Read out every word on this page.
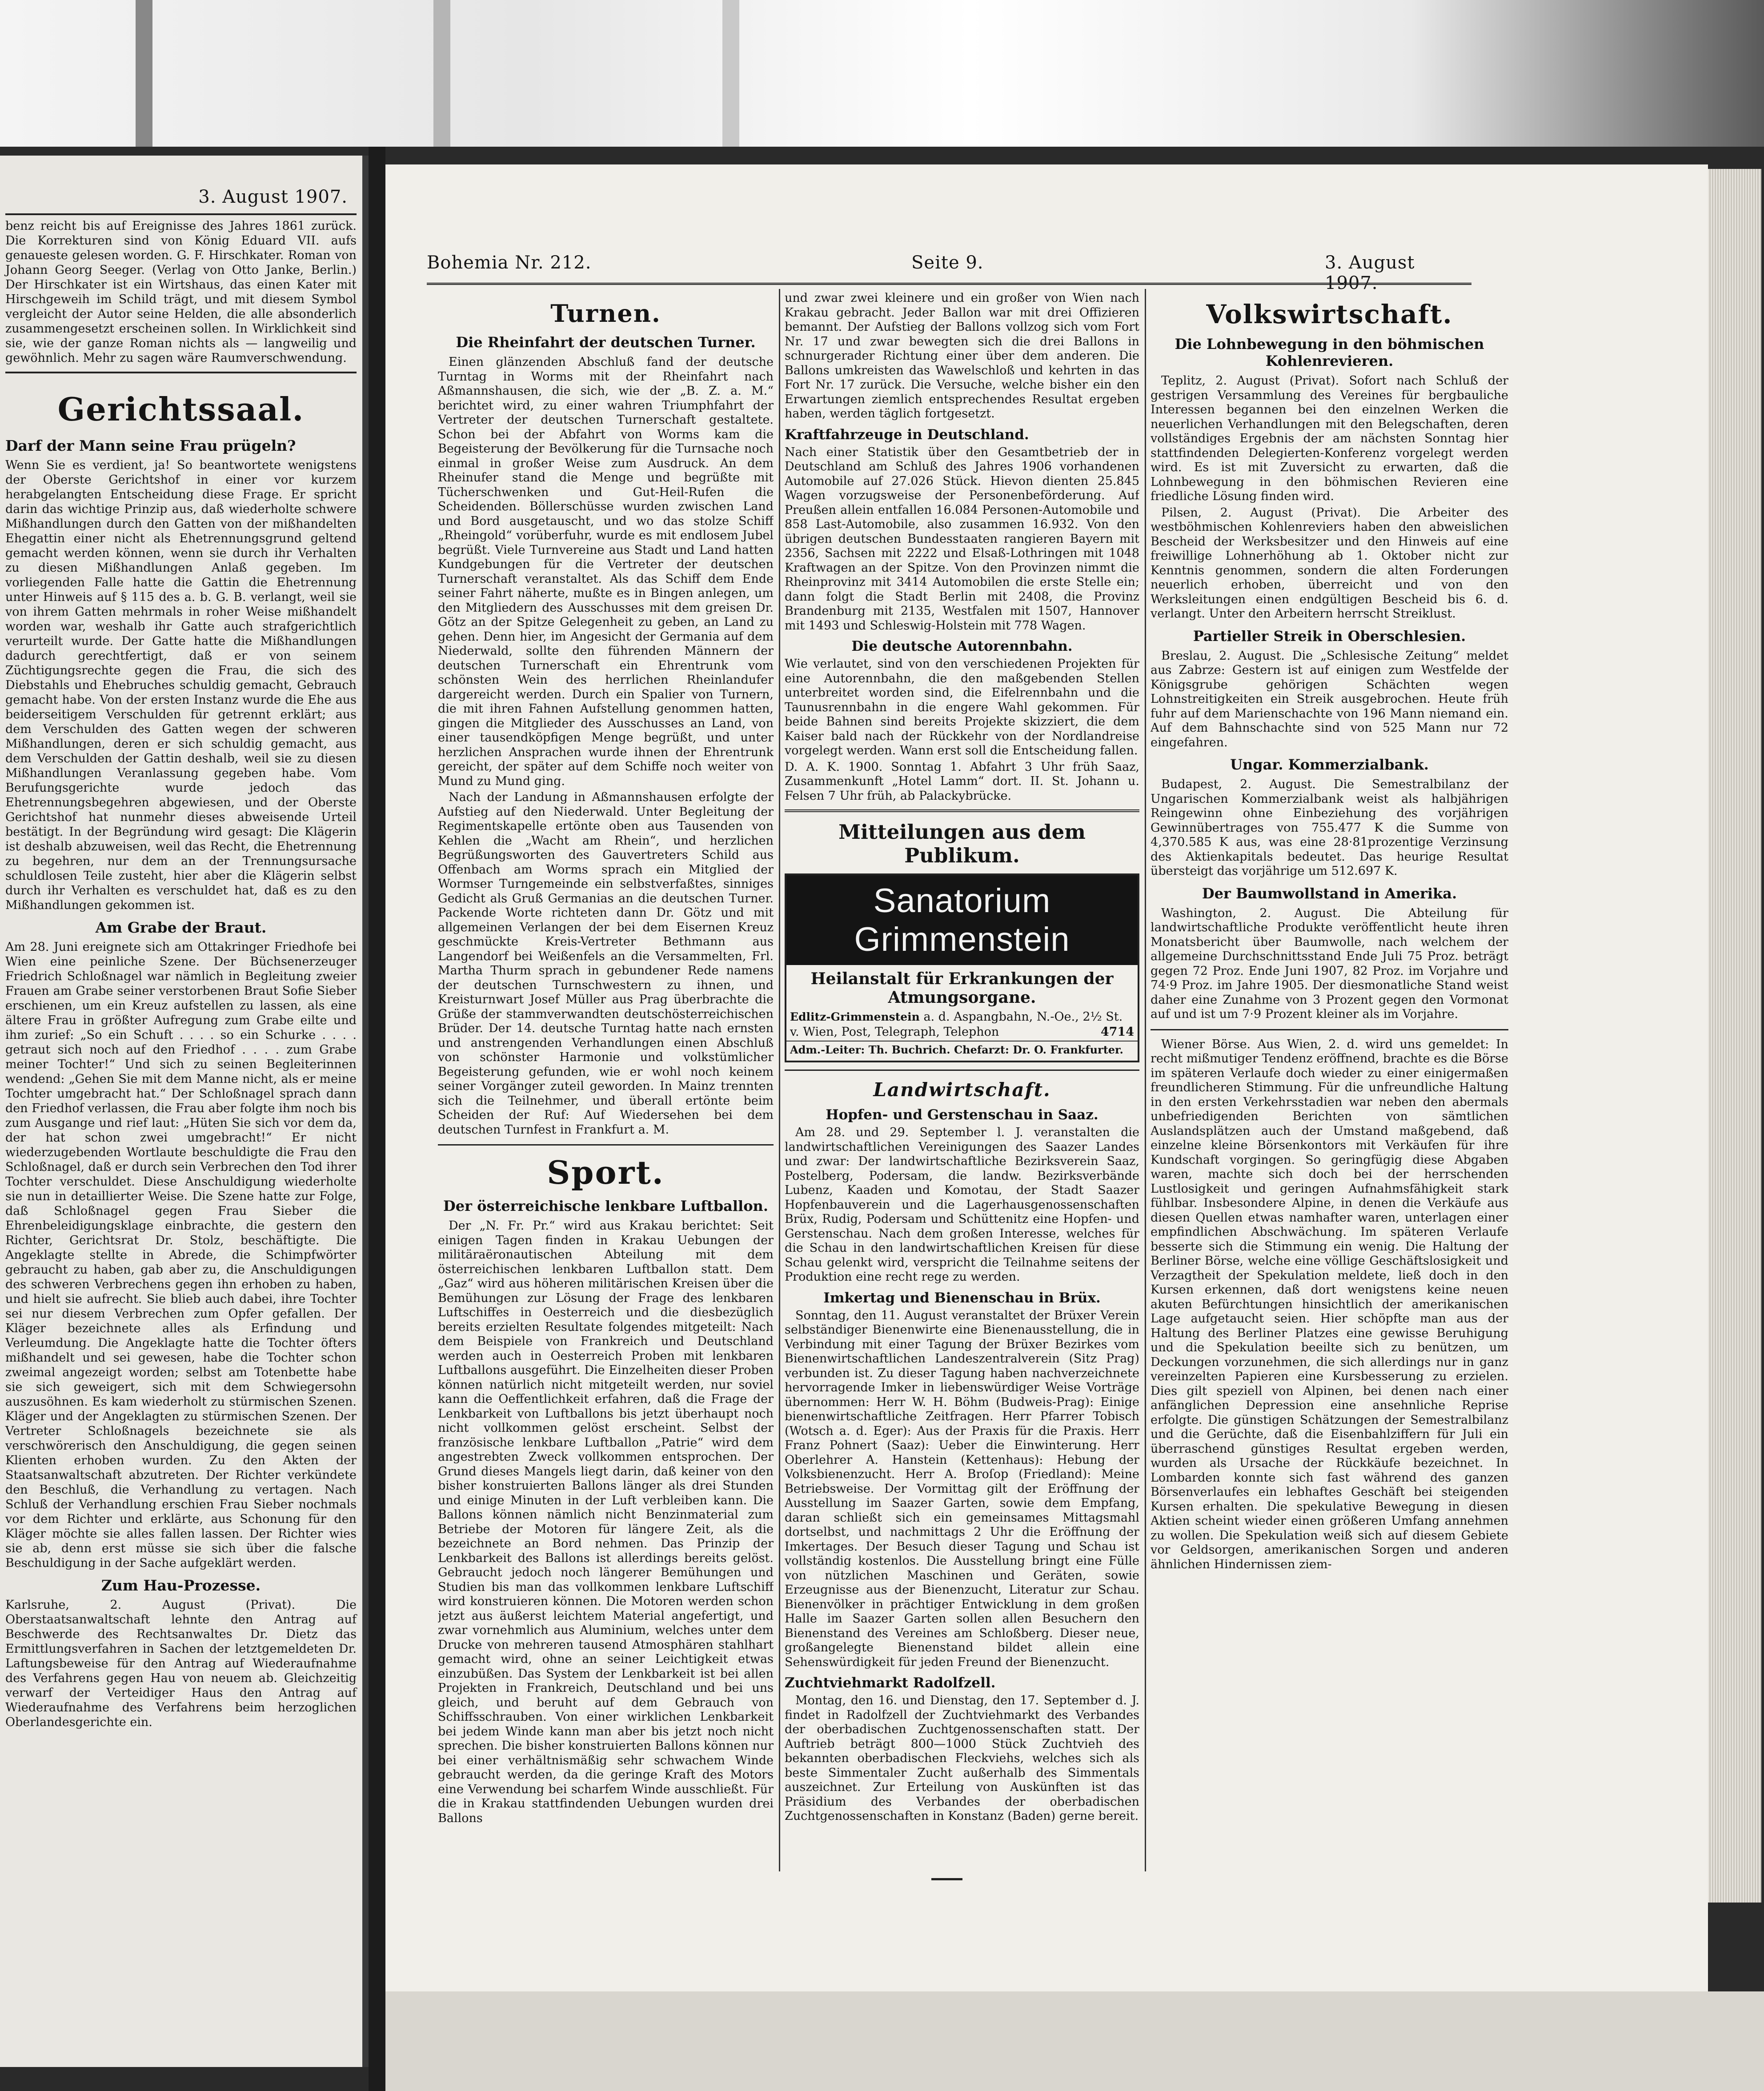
3. August 1907.

benz reicht bis auf Ereignisse des Jahres 1861 zurück. Die Korrekturen sind von König Eduard VII. aufs genaueste gelesen worden. G. F. Hirschkater. Roman von Johann Georg Seeger. (Verlag von Otto Janke, Berlin.) Der Hirschkater ist ein Wirtshaus, das einen Kater mit Hirschgeweih im Schild trägt, und mit diesem Symbol vergleicht der Autor seine Helden, die alle absonderlich zusammengesetzt erscheinen sollen. In Wirklichkeit sind sie, wie der ganze Roman nichts als — langweilig und gewöhnlich. Mehr zu sagen wäre Raumverschwendung.

Gerichtssaal.
Darf der Mann seine Frau prügeln?

Wenn Sie es verdient, ja! So beantwortete wenigstens der Oberste Gerichtshof in einer vor kurzem herabgelangten Entscheidung diese Frage. Er spricht darin das wichtige Prinzip aus, daß wiederholte schwere Mißhandlungen durch den Gatten von der mißhandelten Ehegattin einer nicht als Ehetrennungsgrund geltend gemacht werden können, wenn sie durch ihr Verhalten zu diesen Mißhandlungen Anlaß gegeben. Im vorliegenden Falle hatte die Gattin die Ehetrennung unter Hinweis auf § 115 des a. b. G. B. verlangt, weil sie von ihrem Gatten mehrmals in roher Weise mißhandelt worden war, weshalb ihr Gatte auch strafgerichtlich verurteilt wurde. Der Gatte hatte die Mißhandlungen dadurch gerechtfertigt, daß er von seinem Züchtigungsrechte gegen die Frau, die sich des Diebstahls und Ehebruches schuldig gemacht, Gebrauch gemacht habe. Von der ersten Instanz wurde die Ehe aus beiderseitigem Verschulden für getrennt erklärt; aus dem Verschulden des Gatten wegen der schweren Mißhandlungen, deren er sich schuldig gemacht, aus dem Verschulden der Gattin deshalb, weil sie zu diesen Mißhandlungen Veranlassung gegeben habe. Vom Berufungsgerichte wurde jedoch das Ehetrennungsbegehren abgewiesen, und der Oberste Gerichtshof hat nunmehr dieses abweisende Urteil bestätigt. In der Begründung wird gesagt: Die Klägerin ist deshalb abzuweisen, weil das Recht, die Ehetrennung zu begehren, nur dem an der Trennungsursache schuldlosen Teile zusteht, hier aber die Klägerin selbst durch ihr Verhalten es verschuldet hat, daß es zu den Mißhandlungen gekommen ist.

Am Grabe der Braut.

Am 28. Juni ereignete sich am Ottakringer Friedhofe bei Wien eine peinliche Szene. Der Büchsenerzeuger Friedrich Schloßnagel war nämlich in Begleitung zweier Frauen am Grabe seiner verstorbenen Braut Sofie Sieber erschienen, um ein Kreuz aufstellen zu lassen, als eine ältere Frau in größter Aufregung zum Grabe eilte und ihm zurief: „So ein Schuft . . . . so ein Schurke . . . . getraut sich noch auf den Friedhof . . . . zum Grabe meiner Tochter!“ Und sich zu seinen Begleiterinnen wendend: „Gehen Sie mit dem Manne nicht, als er meine Tochter umgebracht hat.“ Der Schloßnagel sprach dann den Friedhof verlassen, die Frau aber folgte ihm noch bis zum Ausgange und rief laut: „Hüten Sie sich vor dem da, der hat schon zwei umgebracht!“ Er nicht wiederzugebenden Wortlaute beschuldigte die Frau den Schloßnagel, daß er durch sein Verbrechen den Tod ihrer Tochter verschuldet. Diese Anschuldigung wiederholte sie nun in detaillierter Weise. Die Szene hatte zur Folge, daß Schloßnagel gegen Frau Sieber die Ehrenbeleidigungsklage einbrachte, die gestern den Richter, Gerichtsrat Dr. Stolz, beschäftigte. Die Angeklagte stellte in Abrede, die Schimpfwörter gebraucht zu haben, gab aber zu, die Anschuldigungen des schweren Verbrechens gegen ihn erhoben zu haben, und hielt sie aufrecht. Sie blieb auch dabei, ihre Tochter sei nur diesem Verbrechen zum Opfer gefallen. Der Kläger bezeichnete alles als Erfindung und Verleumdung. Die Angeklagte hatte die Tochter öfters mißhandelt und sei gewesen, habe die Tochter schon zweimal angezeigt worden; selbst am Totenbette habe sie sich geweigert, sich mit dem Schwiegersohn auszusöhnen. Es kam wiederholt zu stürmischen Szenen. Kläger und der Angeklagten zu stürmischen Szenen. Der Vertreter Schloßnagels bezeichnete sie als verschwörerisch den Anschuldigung, die gegen seinen Klienten erhoben wurden. Zu den Akten der Staatsanwaltschaft abzutreten. Der Richter verkündete den Beschluß, die Verhandlung zu vertagen. Nach Schluß der Verhandlung erschien Frau Sieber nochmals vor dem Richter und erklärte, aus Schonung für den Kläger möchte sie alles fallen lassen. Der Richter wies sie ab, denn erst müsse sie sich über die falsche Beschuldigung in der Sache aufgeklärt werden.

Zum Hau-Prozesse.

Karlsruhe, 2. August (Privat). Die Oberstaatsanwaltschaft lehnte den Antrag auf Beschwerde des Rechtsanwaltes Dr. Dietz das Ermittlungsverfahren in Sachen der letztgemeldeten Dr. Laftungsbeweise für den Antrag auf Wiederaufnahme des Verfahrens gegen Hau von neuem ab. Gleichzeitig verwarf der Verteidiger Haus den Antrag auf Wiederaufnahme des Verfahrens beim herzoglichen Oberlandesgerichte ein.

Bohemia Nr. 212.	Seite 9.	3. August 1907.
Turnen.
Die Rheinfahrt der deutschen Turner.

Einen glänzenden Abschluß fand der deutsche Turntag in Worms mit der Rheinfahrt nach Aßmannshausen, die sich, wie der „B. Z. a. M.“ berichtet wird, zu einer wahren Triumphfahrt der Vertreter der deutschen Turnerschaft gestaltete. Schon bei der Abfahrt von Worms kam die Begeisterung der Bevölkerung für die Turnsache noch einmal in großer Weise zum Ausdruck. An dem Rheinufer stand die Menge und begrüßte mit Tücherschwenken und Gut-Heil-Rufen die Scheidenden. Böllerschüsse wurden zwischen Land und Bord ausgetauscht, und wo das stolze Schiff „Rheingold“ vorüberfuhr, wurde es mit endlosem Jubel begrüßt. Viele Turnvereine aus Stadt und Land hatten Kundgebungen für die Vertreter der deutschen Turnerschaft veranstaltet. Als das Schiff dem Ende seiner Fahrt näherte, mußte es in Bingen anlegen, um den Mitgliedern des Ausschusses mit dem greisen Dr. Götz an der Spitze Gelegenheit zu geben, an Land zu gehen. Denn hier, im Angesicht der Germania auf dem Niederwald, sollte den führenden Männern der deutschen Turnerschaft ein Ehrentrunk vom schönsten Wein des herrlichen Rheinlandufer dargereicht werden. Durch ein Spalier von Turnern, die mit ihren Fahnen Aufstellung genommen hatten, gingen die Mitglieder des Ausschusses an Land, von einer tausendköpfigen Menge begrüßt, und unter herzlichen Ansprachen wurde ihnen der Ehrentrunk gereicht, der später auf dem Schiffe noch weiter von Mund zu Mund ging.

Nach der Landung in Aßmannshausen erfolgte der Aufstieg auf den Niederwald. Unter Begleitung der Regimentskapelle ertönte oben aus Tausenden von Kehlen die „Wacht am Rhein“, und herzlichen Begrüßungsworten des Gauvertreters Schild aus Offenbach am Worms sprach ein Mitglied der Wormser Turngemeinde ein selbstverfaßtes, sinniges Gedicht als Gruß Germanias an die deutschen Turner. Packende Worte richteten dann Dr. Götz und mit allgemeinen Verlangen der bei dem Eisernen Kreuz geschmückte Kreis-Vertreter Bethmann aus Langendorf bei Weißenfels an die Versammelten, Frl. Martha Thurm sprach in gebundener Rede namens der deutschen Turnschwestern zu ihnen, und Kreisturnwart Josef Müller aus Prag überbrachte die Grüße der stammverwandten deutschösterreichischen Brüder. Der 14. deutsche Turntag hatte nach ernsten und anstrengenden Verhandlungen einen Abschluß von schönster Harmonie und volkstümlicher Begeisterung gefunden, wie er wohl noch keinem seiner Vorgänger zuteil geworden. In Mainz trennten sich die Teilnehmer, und überall ertönte beim Scheiden der Ruf: Auf Wiedersehen bei dem deutschen Turnfest in Frankfurt a. M.

Sport.
Der österreichische lenkbare Luftballon.

Der „N. Fr. Pr.“ wird aus Krakau berichtet: Seit einigen Tagen finden in Krakau Uebungen der militäraëronautischen Abteilung mit dem österreichischen lenkbaren Luftballon statt. Dem „Gaz“ wird aus höheren militärischen Kreisen über die Bemühungen zur Lösung der Frage des lenkbaren Luftschiffes in Oesterreich und die diesbezüglich bereits erzielten Resultate folgendes mitgeteilt: Nach dem Beispiele von Frankreich und Deutschland werden auch in Oesterreich Proben mit lenkbaren Luftballons ausgeführt. Die Einzelheiten dieser Proben können natürlich nicht mitgeteilt werden, nur soviel kann die Oeffentlichkeit erfahren, daß die Frage der Lenkbarkeit von Luftballons bis jetzt überhaupt noch nicht vollkommen gelöst erscheint. Selbst der französische lenkbare Luftballon „Patrie“ wird dem angestrebten Zweck vollkommen entsprochen. Der Grund dieses Mangels liegt darin, daß keiner von den bisher konstruierten Ballons länger als drei Stunden und einige Minuten in der Luft verbleiben kann. Die Ballons können nämlich nicht Benzinmaterial zum Betriebe der Motoren für längere Zeit, als die bezeichnete an Bord nehmen. Das Prinzip der Lenkbarkeit des Ballons ist allerdings bereits gelöst. Gebraucht jedoch noch längerer Bemühungen und Studien bis man das vollkommen lenkbare Luftschiff wird konstruieren können. Die Motoren werden schon jetzt aus äußerst leichtem Material angefertigt, und zwar vornehmlich aus Aluminium, welches unter dem Drucke von mehreren tausend Atmosphären stahlhart gemacht wird, ohne an seiner Leichtigkeit etwas einzubüßen. Das System der Lenkbarkeit ist bei allen Projekten in Frankreich, Deutschland und bei uns gleich, und beruht auf dem Gebrauch von Schiffsschrauben. Von einer wirklichen Lenkbarkeit bei jedem Winde kann man aber bis jetzt noch nicht sprechen. Die bisher konstruierten Ballons können nur bei einer verhältnismäßig sehr schwachem Winde gebraucht werden, da die geringe Kraft des Motors eine Verwendung bei scharfem Winde ausschließt. Für die in Krakau stattfindenden Uebungen wurden drei Ballons

und zwar zwei kleinere und ein großer von Wien nach Krakau gebracht. Jeder Ballon war mit drei Offizieren bemannt. Der Aufstieg der Ballons vollzog sich vom Fort Nr. 17 und zwar bewegten sich die drei Ballons in schnurgerader Richtung einer über dem anderen. Die Ballons umkreisten das Wawelschloß und kehrten in das Fort Nr. 17 zurück. Die Versuche, welche bisher ein den Erwartungen ziemlich entsprechendes Resultat ergeben haben, werden täglich fortgesetzt.

Kraftfahrzeuge in Deutschland.

Nach einer Statistik über den Gesamtbetrieb der in Deutschland am Schluß des Jahres 1906 vorhandenen Automobile auf 27.026 Stück. Hievon dienten 25.845 Wagen vorzugsweise der Personenbeförderung. Auf Preußen allein entfallen 16.084 Personen-Automobile und 858 Last-Automobile, also zusammen 16.932. Von den übrigen deutschen Bundesstaaten rangieren Bayern mit 2356, Sachsen mit 2222 und Elsaß-Lothringen mit 1048 Kraftwagen an der Spitze. Von den Provinzen nimmt die Rheinprovinz mit 3414 Automobilen die erste Stelle ein; dann folgt die Stadt Berlin mit 2408, die Provinz Brandenburg mit 2135, Westfalen mit 1507, Hannover mit 1493 und Schleswig-Holstein mit 778 Wagen.

Die deutsche Autorennbahn.

Wie verlautet, sind von den verschiedenen Projekten für eine Autorennbahn, die den maßgebenden Stellen unterbreitet worden sind, die Eifelrennbahn und die Taunusrennbahn in die engere Wahl gekommen. Für beide Bahnen sind bereits Projekte skizziert, die dem Kaiser bald nach der Rückkehr von der Nordlandreise vorgelegt werden. Wann erst soll die Entscheidung fallen.

D. A. K. 1900. Sonntag 1. Abfahrt 3 Uhr früh Saaz, Zusammenkunft „Hotel Lamm“ dort. II. St. Johann u. Felsen 7 Uhr früh, ab Palackybrücke.

Mitteilungen aus dem Publikum.
Sanatorium Grimmenstein
Heilanstalt für Erkrankungen der Atmungsorgane.
Edlitz-Grimmenstein a. d. Aspangbahn, N.-Oe., 2½ St. v. Wien, Post, Telegraph, Telephon	4714
Adm.-Leiter: Th. Buchrich. Chefarzt: Dr. O. Frankfurter.
Landwirtschaft.
Hopfen- und Gerstenschau in Saaz.

Am 28. und 29. September l. J. veranstalten die landwirtschaftlichen Vereinigungen des Saazer Landes und zwar: Der landwirtschaftliche Bezirksverein Saaz, Postelberg, Podersam, die landw. Bezirksverbände Lubenz, Kaaden und Komotau, der Stadt Saazer Hopfenbauverein und die Lagerhausgenossenschaften Brüx, Rudig, Podersam und Schüttenitz eine Hopfen- und Gerstenschau. Nach dem großen Interesse, welches für die Schau in den landwirtschaftlichen Kreisen für diese Schau gelenkt wird, verspricht die Teilnahme seitens der Produktion eine recht rege zu werden.

Imkertag und Bienenschau in Brüx.

Sonntag, den 11. August veranstaltet der Brüxer Verein selbständiger Bienenwirte eine Bienenausstellung, die in Verbindung mit einer Tagung der Brüxer Bezirkes vom Bienenwirtschaftlichen Landeszentralverein (Sitz Prag) verbunden ist. Zu dieser Tagung haben nachverzeichnete hervorragende Imker in liebenswürdiger Weise Vorträge übernommen: Herr W. H. Böhm (Budweis-Prag): Einige bienenwirtschaftliche Zeitfragen. Herr Pfarrer Tobisch (Wotsch a. d. Eger): Aus der Praxis für die Praxis. Herr Franz Pohnert (Saaz): Ueber die Einwinterung. Herr Oberlehrer A. Hanstein (Kettenhaus): Hebung der Volksbienenzucht. Herr A. Broſop (Friedland): Meine Betriebsweise. Der Vormittag gilt der Eröffnung der Ausstellung im Saazer Garten, sowie dem Empfang, daran schließt sich ein gemeinsames Mittagsmahl dortselbst, und nachmittags 2 Uhr die Eröffnung der Imkertages. Der Besuch dieser Tagung und Schau ist vollständig kostenlos. Die Ausstellung bringt eine Fülle von nützlichen Maschinen und Geräten, sowie Erzeugnisse aus der Bienenzucht, Literatur zur Schau. Bienenvölker in prächtiger Entwicklung in dem großen Halle im Saazer Garten sollen allen Besuchern den Bienenstand des Vereines am Schloßberg. Dieser neue, großangelegte Bienenstand bildet allein eine Sehenswürdigkeit für jeden Freund der Bienenzucht.

Zuchtviehmarkt Radolfzell.

Montag, den 16. und Dienstag, den 17. September d. J. findet in Radolfzell der Zuchtviehmarkt des Verbandes der oberbadischen Zuchtgenossenschaften statt. Der Auftrieb beträgt 800—1000 Stück Zuchtvieh des bekannten oberbadischen Fleckviehs, welches sich als beste Simmentaler Zucht außerhalb des Simmentals auszeichnet. Zur Erteilung von Auskünften ist das Präsidium des Verbandes der oberbadischen Zuchtgenossenschaften in Konstanz (Baden) gerne bereit.

Volkswirtschaft.
Die Lohnbewegung in den böhmischen Kohlenrevieren.

Teplitz, 2. August (Privat). Sofort nach Schluß der gestrigen Versammlung des Vereines für bergbauliche Interessen begannen bei den einzelnen Werken die neuerlichen Verhandlungen mit den Belegschaften, deren vollständiges Ergebnis der am nächsten Sonntag hier stattfindenden Delegierten-Konferenz vorgelegt werden wird. Es ist mit Zuversicht zu erwarten, daß die Lohnbewegung in den böhmischen Revieren eine friedliche Lösung finden wird.

Pilsen, 2. August (Privat). Die Arbeiter des westböhmischen Kohlenreviers haben den abweislichen Bescheid der Werksbesitzer und den Hinweis auf eine freiwillige Lohnerhöhung ab 1. Oktober nicht zur Kenntnis genommen, sondern die alten Forderungen neuerlich erhoben, überreicht und von den Werksleitungen einen endgültigen Bescheid bis 6. d. verlangt. Unter den Arbeitern herrscht Streiklust.

Partieller Streik in Oberschlesien.

Breslau, 2. August. Die „Schlesische Zeitung“ meldet aus Zabrze: Gestern ist auf einigen zum Westfelde der Königsgrube gehörigen Schächten wegen Lohnstreitigkeiten ein Streik ausgebrochen. Heute früh fuhr auf dem Marienschachte von 196 Mann niemand ein. Auf dem Bahnschachte sind von 525 Mann nur 72 eingefahren.

Ungar. Kommerzialbank.

Budapest, 2. August. Die Semestralbilanz der Ungarischen Kommerzialbank weist als halbjährigen Reingewinn ohne Einbeziehung des vorjährigen Gewinnübertrages von 755.477 K die Summe von 4,370.585 K aus, was eine 28·81prozentige Verzinsung des Aktienkapitals bedeutet. Das heurige Resultat übersteigt das vorjährige um 512.697 K.

Der Baumwollstand in Amerika.

Washington, 2. August. Die Abteilung für landwirtschaftliche Produkte veröffentlicht heute ihren Monatsbericht über Baumwolle, nach welchem der allgemeine Durchschnittsstand Ende Juli 75 Proz. beträgt gegen 72 Proz. Ende Juni 1907, 82 Proz. im Vorjahre und 74·9 Proz. im Jahre 1905. Der diesmonatliche Stand weist daher eine Zunahme von 3 Prozent gegen den Vormonat auf und ist um 7·9 Prozent kleiner als im Vorjahre.

Wiener Börse. Aus Wien, 2. d. wird uns gemeldet: In recht mißmutiger Tendenz eröffnend, brachte es die Börse im späteren Verlaufe doch wieder zu einer einigermaßen freundlicheren Stimmung. Für die unfreundliche Haltung in den ersten Verkehrsstadien war neben den abermals unbefriedigenden Berichten von sämtlichen Auslandsplätzen auch der Umstand maßgebend, daß einzelne kleine Börsenkontors mit Verkäufen für ihre Kundschaft vorgingen. So geringfügig diese Abgaben waren, machte sich doch bei der herrschenden Lustlosigkeit und geringen Aufnahmsfähigkeit stark fühlbar. Insbesondere Alpine, in denen die Verkäufe aus diesen Quellen etwas namhafter waren, unterlagen einer empfindlichen Abschwächung. Im späteren Verlaufe besserte sich die Stimmung ein wenig. Die Haltung der Berliner Börse, welche eine völlige Geschäftslosigkeit und Verzagtheit der Spekulation meldete, ließ doch in den Kursen erkennen, daß dort wenigstens keine neuen akuten Befürchtungen hinsichtlich der amerikanischen Lage aufgetaucht seien. Hier schöpfte man aus der Haltung des Berliner Platzes eine gewisse Beruhigung und die Spekulation beeilte sich zu benützen, um Deckungen vorzunehmen, die sich allerdings nur in ganz vereinzelten Papieren eine Kursbesserung zu erzielen. Dies gilt speziell von Alpinen, bei denen nach einer anfänglichen Depression eine ansehnliche Reprise erfolgte. Die günstigen Schätzungen der Semestralbilanz und die Gerüchte, daß die Eisenbahlziffern für Juli ein überraschend günstiges Resultat ergeben werden, wurden als Ursache der Rückkäufe bezeichnet. In Lombarden konnte sich fast während des ganzen Börsenverlaufes ein lebhaftes Geschäft bei steigenden Kursen erhalten. Die spekulative Bewegung in diesen Aktien scheint wieder einen größeren Umfang annehmen zu wollen. Die Spekulation weiß sich auf diesem Gebiete vor Geldsorgen, amerikanischen Sorgen und anderen ähnlichen Hindernissen ziem-
